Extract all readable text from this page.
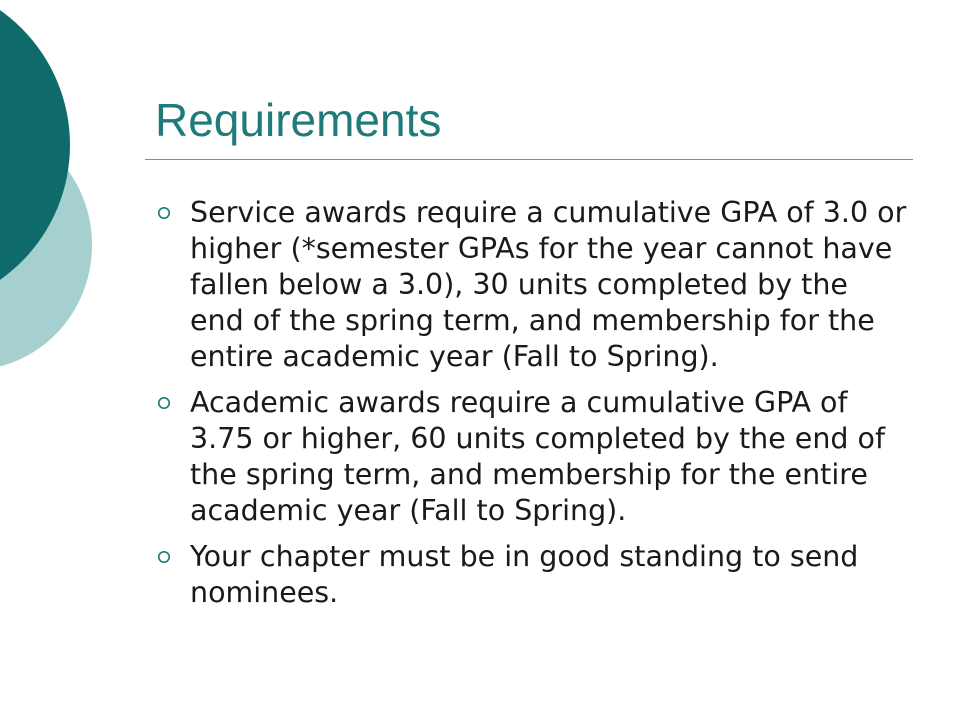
Requirements
Service awards require a cumulative GPA of 3.0 or higher (*semester GPAs for the year cannot have fallen below a 3.0), 30 units completed by the end of the spring term, and membership for the entire academic year (Fall to Spring).
Academic awards require a cumulative GPA of 3.75 or higher, 60 units completed by the end of the spring term, and membership for the entire academic year (Fall to Spring).
Your chapter must be in good standing to send nominees.
